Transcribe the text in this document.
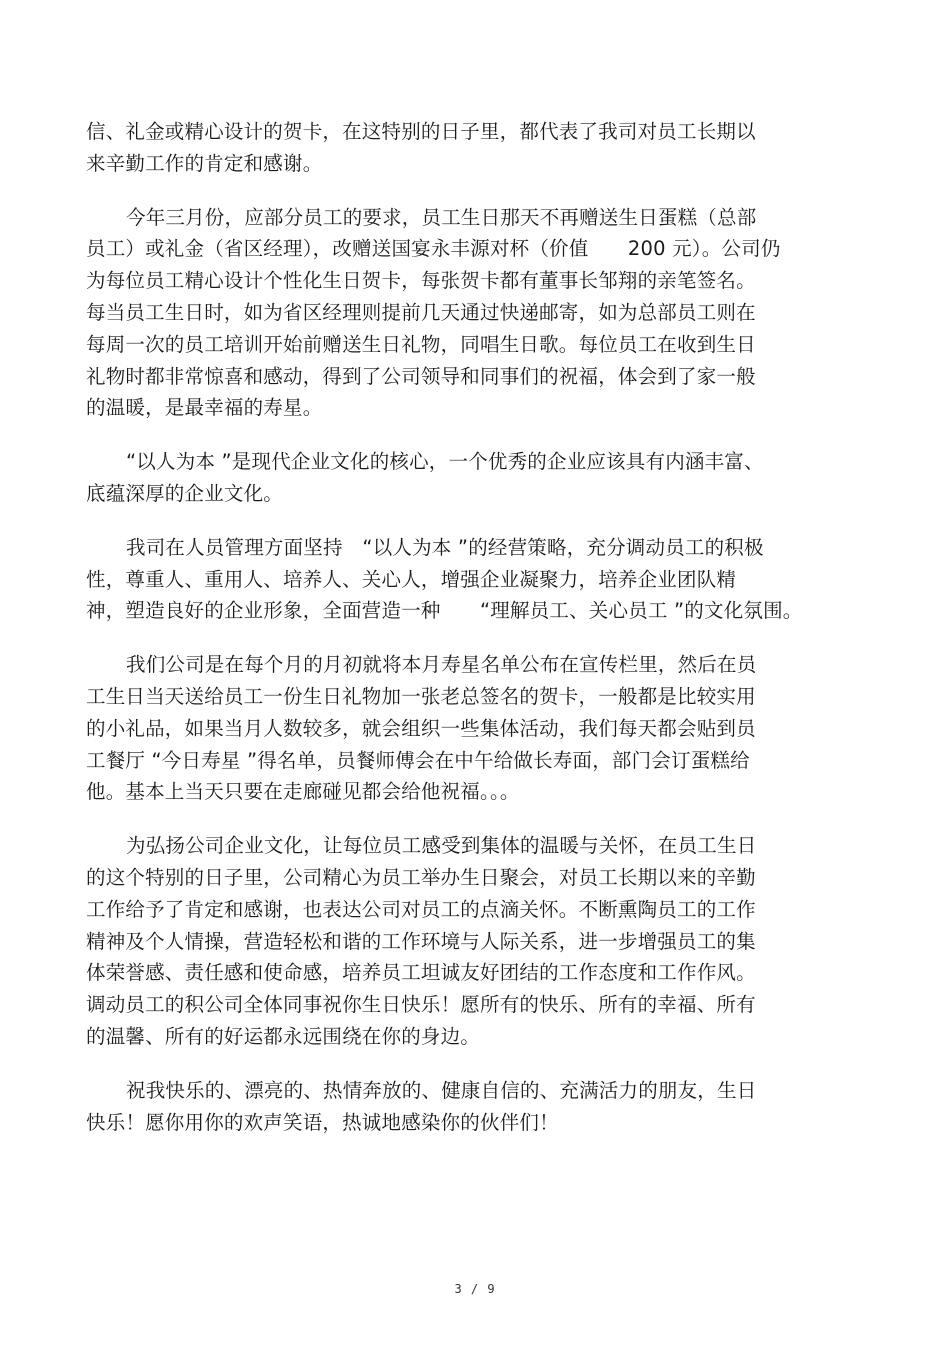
信、礼金或精心设计的贺卡，在这特别的日子里，都代表了我司对员工长期以
来辛勤工作的肯定和感谢。
今年三月份，应部分员工的要求，员工生日那天不再赠送生日蛋糕（总部
员工）或礼金（省区经理），改赠送国宴永丰源对杯（价值　　200 元）。公司仍
为每位员工精心设计个性化生日贺卡，每张贺卡都有董事长邹翔的亲笔签名。
每当员工生日时，如为省区经理则提前几天通过快递邮寄，如为总部员工则在
每周一次的员工培训开始前赠送生日礼物，同唱生日歌。每位员工在收到生日
礼物时都非常惊喜和感动，得到了公司领导和同事们的祝福，体会到了家一般
的温暖，是最幸福的寿星。
“以人为本 ”是现代企业文化的核心，一个优秀的企业应该具有内涵丰富、
底蕴深厚的企业文化。
我司在人员管理方面坚持　“以人为本 ”的经营策略，充分调动员工的积极
性，尊重人、重用人、培养人、关心人，增强企业凝聚力，培养企业团队精
神，塑造良好的企业形象，全面营造一种　　“理解员工、关心员工 ”的文化氛围。
我们公司是在每个月的月初就将本月寿星名单公布在宣传栏里，然后在员
工生日当天送给员工一份生日礼物加一张老总签名的贺卡，一般都是比较实用
的小礼品，如果当月人数较多，就会组织一些集体活动，我们每天都会贴到员
工餐厅 “今日寿星 ”得名单，员餐师傅会在中午给做长寿面，部门会订蛋糕给
他。基本上当天只要在走廊碰见都会给他祝福。。。
为弘扬公司企业文化，让每位员工感受到集体的温暖与关怀，在员工生日
的这个特别的日子里，公司精心为员工举办生日聚会，对员工长期以来的辛勤
工作给予了肯定和感谢，也表达公司对员工的点滴关怀。不断熏陶员工的工作
精神及个人情操，营造轻松和谐的工作环境与人际关系，进一步增强员工的集
体荣誉感、责任感和使命感，培养员工坦诚友好团结的工作态度和工作作风。
调动员工的积公司全体同事祝你生日快乐！愿所有的快乐、所有的幸福、所有
的温馨、所有的好运都永远围绕在你的身边。
祝我快乐的、漂亮的、热情奔放的、健康自信的、充满活力的朋友，生日
快乐！愿你用你的欢声笑语，热诚地感染你的伙伴们！
3 / 9
